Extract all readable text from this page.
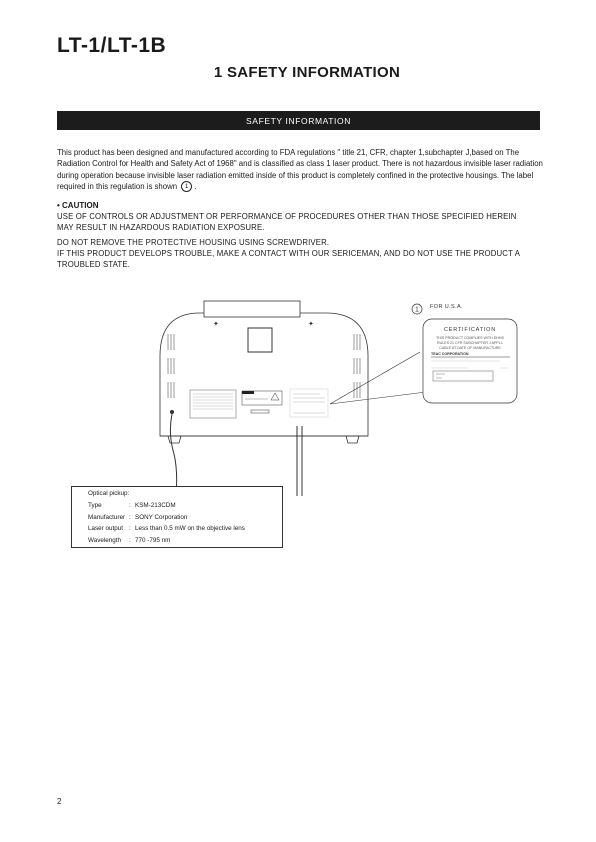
LT-1/LT-1B
1 SAFETY INFORMATION
SAFETY INFORMATION
This product has been designed and manufactured according to FDA regulations " title 21, CFR, chapter 1,subchapter J,based on The Radiation Control for Health and Safety Act of 1968" and is classified as class 1 laser product. There is not hazardous invisible laser radiation during operation because invisible laser radiation emitted inside of this product is completely confined in the protective housings. The label required in this regulation is shown 1 .
• CAUTION
USE OF CONTROLS OR ADJUSTMENT OR PERFORMANCE OF PROCEDURES OTHER THAN THOSE SPECIFIED HEREIN MAY RESULT IN HAZARDOUS RADIATION EXPOSURE.
DO NOT REMOVE THE PROTECTIVE HOUSING USING SCREWDRIVER.
IF THIS PRODUCT DEVELOPS TROUBLE, MAKE A CONTACT WITH OUR SERICEMAN, AND DO NOT USE THE PRODUCT A TROUBLED STATE.
✦	✦
1 FOR U.S.A.
CERTIFICATION
THIS PRODUCT COMPLIES WITH DHHS
RULES 21 CFR SUBCHAPTER J APPLI-
CABLE AT DATE OF MANUFACTURE
TEAC CORPORATION
Optical pickup:
Type	: KSM-213CDM
Manufacturer : SONY Corporation
Laser output : Less than 0.5 mW on the objective lens
Wavelength : 770 -795 nm
2
